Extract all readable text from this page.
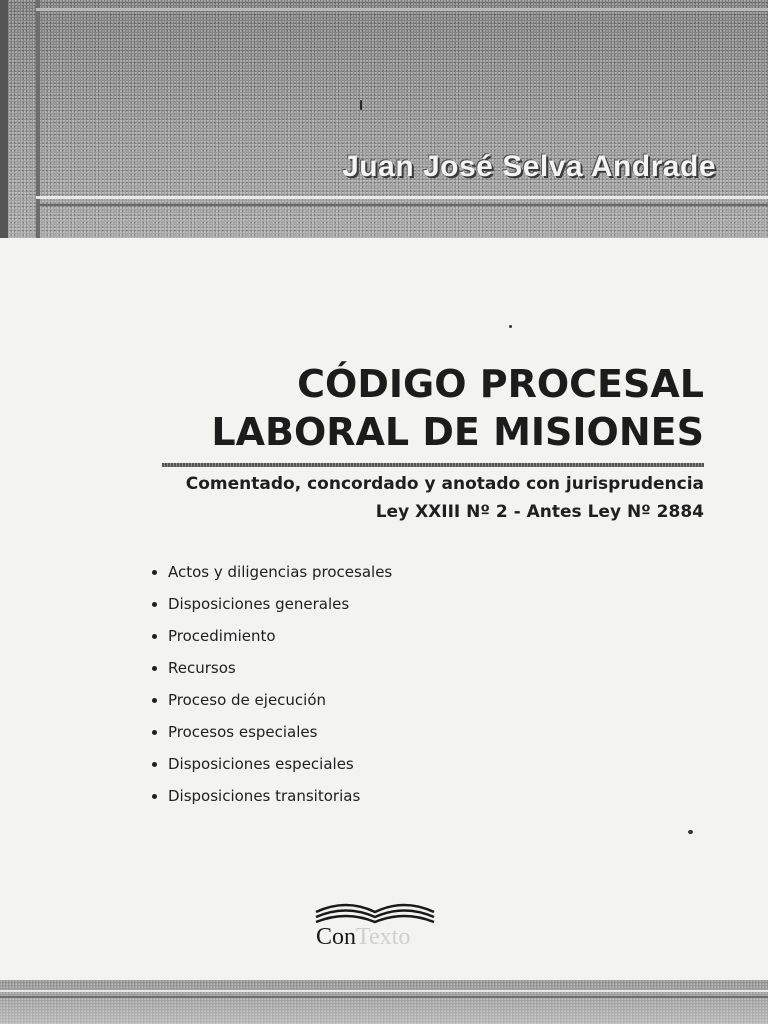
Juan José Selva Andrade
CÓDIGO PROCESAL
LABORAL DE MISIONES
Comentado, concordado y anotado con jurisprudencia
Ley XXIII Nº 2 - Antes Ley Nº 2884
Actos y diligencias procesales
Disposiciones generales
Procedimiento
Recursos
Proceso de ejecución
Procesos especiales
Disposiciones especiales
Disposiciones transitorias
ConTexto
